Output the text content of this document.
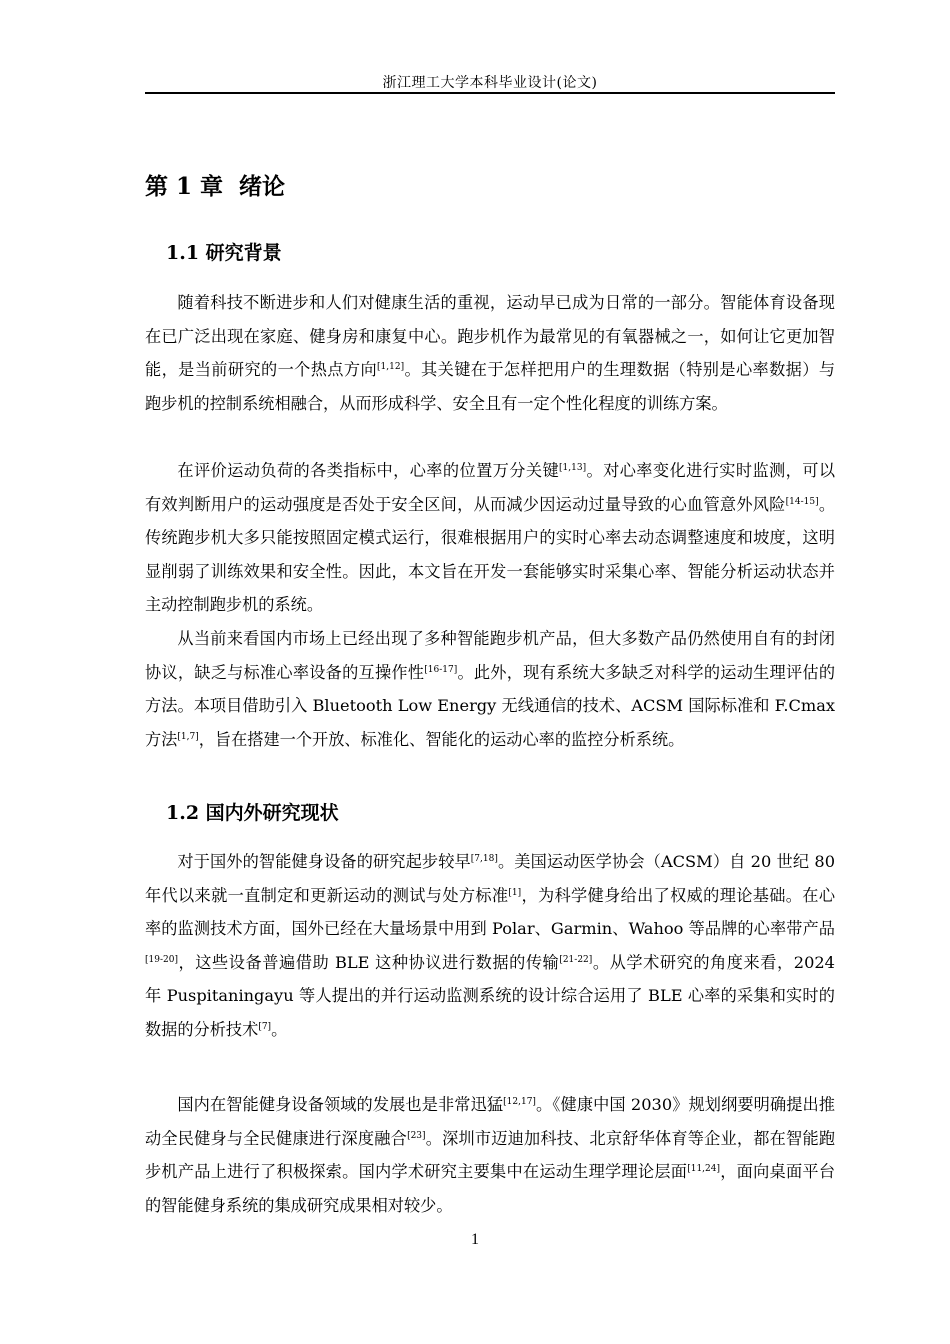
浙江理工大学本科毕业设计(论文)
第 1 章  绪论
1.1 研究背景

随着科技不断进步和人们对健康生活的重视，运动早已成为日常的一部分。智能体育设备现在已广泛出现在家庭、健身房和康复中心。跑步机作为最常见的有氧器械之一，如何让它更加智能，是当前研究的一个热点方向[1,12]。其关键在于怎样把用户的生理数据（特别是心率数据）与跑步机的控制系统相融合，从而形成科学、安全且有一定个性化程度的训练方案。

在评价运动负荷的各类指标中，心率的位置万分关键[1,13]。对心率变化进行实时监测，可以有效判断用户的运动强度是否处于安全区间，从而减少因运动过量导致的心血管意外风险[14-15]。传统跑步机大多只能按照固定模式运行，很难根据用户的实时心率去动态调整速度和坡度，这明显削弱了训练效果和安全性。因此，本文旨在开发一套能够实时采集心率、智能分析运动状态并主动控制跑步机的系统。

从当前来看国内市场上已经出现了多种智能跑步机产品，但大多数产品仍然使用自有的封闭协议，缺乏与标准心率设备的互操作性[16-17]。此外，现有系统大多缺乏对科学的运动生理评估的方法。本项目借助引入 Bluetooth Low Energy 无线通信的技术、ACSM 国际标准和 F.Cmax 方法[1,7]，旨在搭建一个开放、标准化、智能化的运动心率的监控分析系统。

1.2 国内外研究现状

对于国外的智能健身设备的研究起步较早[7,18]。美国运动医学协会（ACSM）自 20 世纪 80 年代以来就一直制定和更新运动的测试与处方标准[1]，为科学健身给出了权威的理论基础。在心率的监测技术方面，国外已经在大量场景中用到 Polar、Garmin、Wahoo 等品牌的心率带产品[19-20]，这些设备普遍借助 BLE 这种协议进行数据的传输[21-22]。从学术研究的角度来看，2024 年 Puspitaningayu 等人提出的并行运动监测系统的设计综合运用了 BLE 心率的采集和实时的数据的分析技术[7]。

国内在智能健身设备领域的发展也是非常迅猛[12,17]。《健康中国 2030》规划纲要明确提出推动全民健身与全民健康进行深度融合[23]。深圳市迈迪加科技、北京舒华体育等企业，都在智能跑步机产品上进行了积极探索。国内学术研究主要集中在运动生理学理论层面[11,24]，面向桌面平台的智能健身系统的集成研究成果相对较少。

1
